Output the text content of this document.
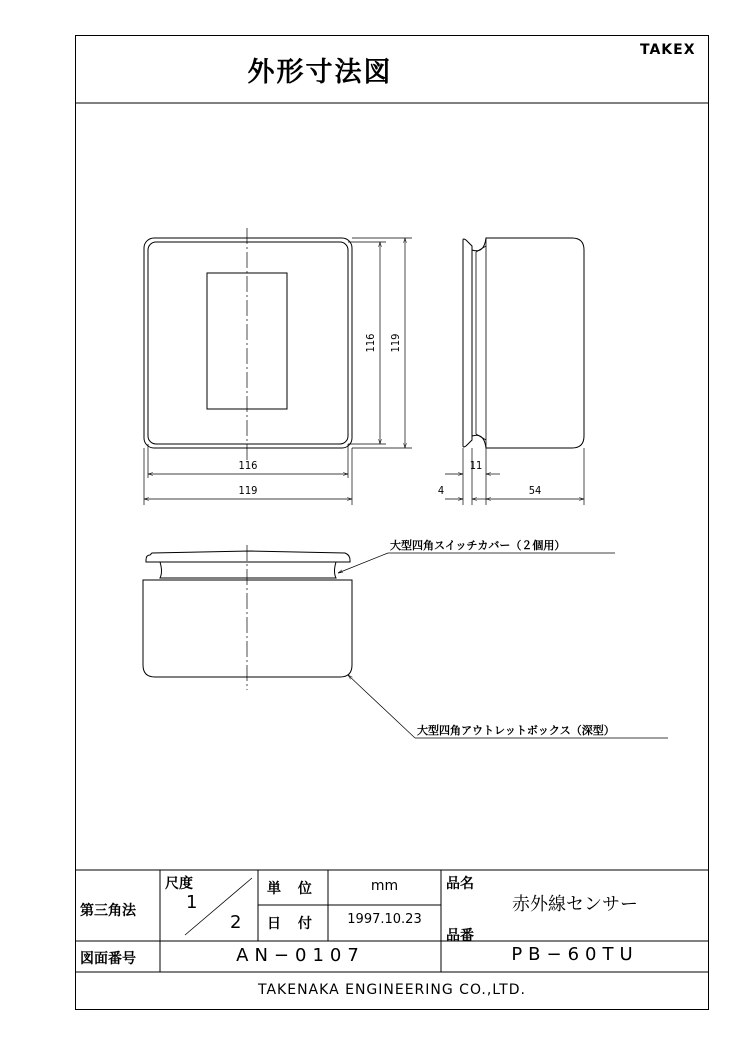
外形寸法図
TAKEX
116 119
116
119
11
4	54
大型四角スイッチカバー（２個用）
大型四角アウトレットボックス（深型）
第三角法
尺度
1
2
単 位	mm
日 付	1997.10.23
品名
赤外線センサー
品番
PB−60TU
図面番号	AN−0107
TAKENAKA ENGINEERING CO.,LTD.
